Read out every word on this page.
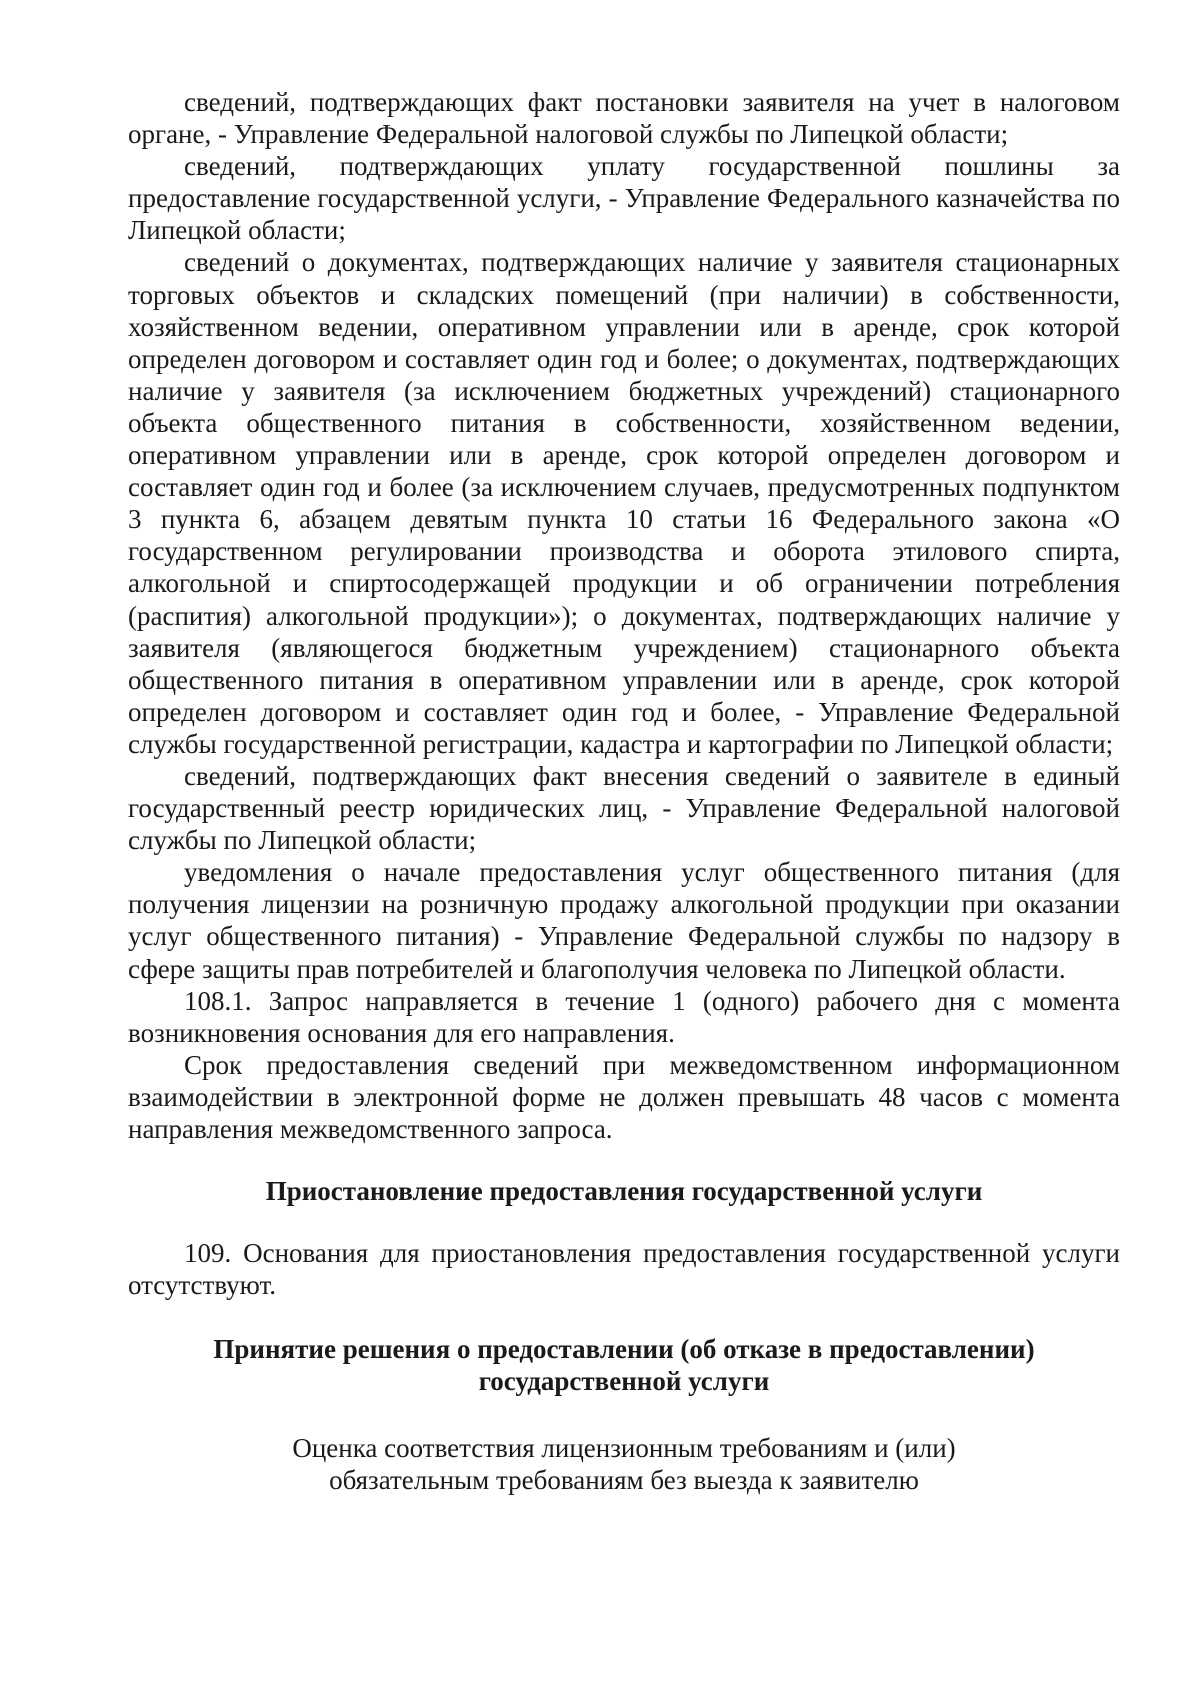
сведений, подтверждающих факт постановки заявителя на учет в налоговом органе, - Управление Федеральной налоговой службы по Липецкой области;

сведений, подтверждающих уплату государственной пошлины за предоставление государственной услуги, - Управление Федерального казначейства по Липецкой области;

сведений о документах, подтверждающих наличие у заявителя стационарных торговых объектов и складских помещений (при наличии) в собственности, хозяйственном ведении, оперативном управлении или в аренде, срок которой определен договором и составляет один год и более; о документах, подтверждающих наличие у заявителя (за исключением бюджетных учреждений) стационарного объекта общественного питания в собственности, хозяйственном ведении, оперативном управлении или в аренде, срок которой определен договором и составляет один год и более (за исключением случаев, предусмотренных подпунктом 3 пункта 6, абзацем девятым пункта 10 статьи 16 Федерального закона «О государственном регулировании производства и оборота этилового спирта, алкогольной и спиртосодержащей продукции и об ограничении потребления (распития) алкогольной продукции»); о документах, подтверждающих наличие у заявителя (являющегося бюджетным учреждением) стационарного объекта общественного питания в оперативном управлении или в аренде, срок которой определен договором и составляет один год и более, - Управление Федеральной службы государственной регистрации, кадастра и картографии по Липецкой области;

сведений, подтверждающих факт внесения сведений о заявителе в единый государственный реестр юридических лиц, - Управление Федеральной налоговой службы по Липецкой области;

уведомления о начале предоставления услуг общественного питания (для получения лицензии на розничную продажу алкогольной продукции при оказании услуг общественного питания) - Управление Федеральной службы по надзору в сфере защиты прав потребителей и благополучия человека по Липецкой области.

108.1. Запрос направляется в течение 1 (одного) рабочего дня с момента возникновения основания для его направления.

Срок предоставления сведений при межведомственном информационном взаимодействии в электронной форме не должен превышать 48 часов с момента направления межведомственного запроса.

Приостановление предоставления государственной услуги

109. Основания для приостановления предоставления государственной услуги отсутствуют.

Принятие решения о предоставлении (об отказе в предоставлении)
государственной услуги
Оценка соответствия лицензионным требованиям и (или)
обязательным требованиям без выезда к заявителю
